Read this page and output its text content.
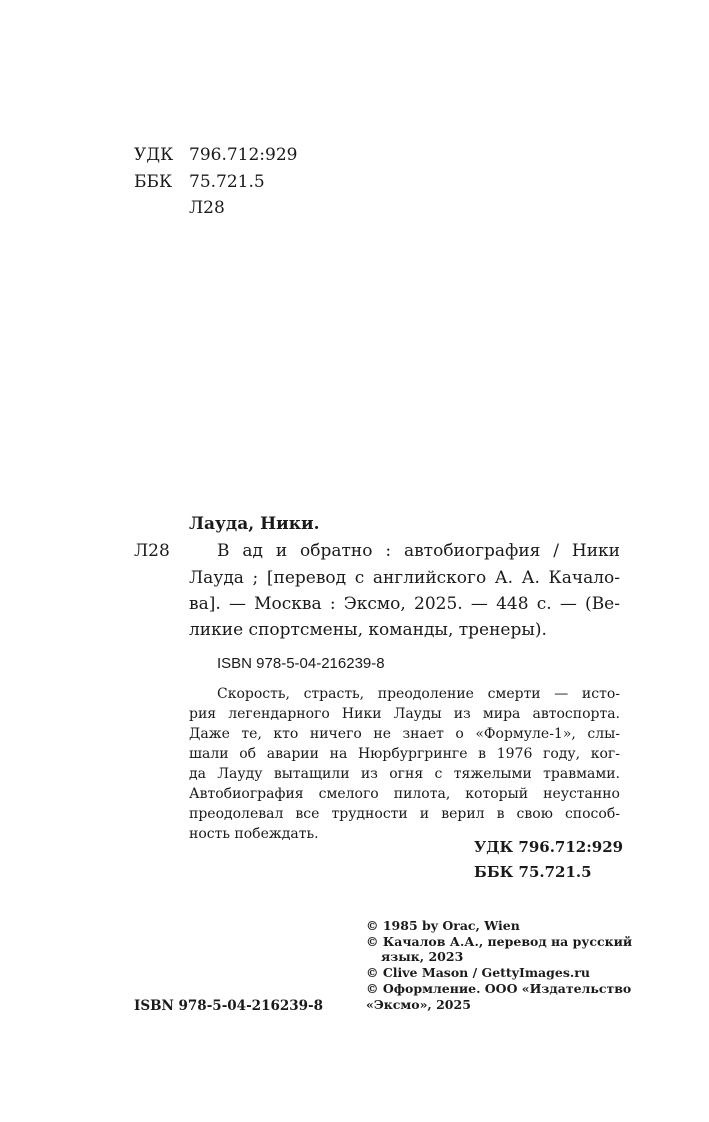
УДК 796.712:929
ББК 75.721.5
Л28
Лауда, Ники.
Л28	В ад и обратно : автобиография / Ники
Лауда ; [перевод с английского А. А. Качало-
ва]. — Москва : Эксмо, 2025. — 448 с. — (Ве-
ликие спортсмены, команды, тренеры).
ISBN 978-5-04-216239-8
Скорость, страсть, преодоление смерти — исто-
рия легендарного Ники Лауды из мира автоспорта.
Даже те, кто ничего не знает о «Формуле-1», слы-
шали об аварии на Нюрбургринге в 1976 году, ког-
да Лауду вытащили из огня с тяжелыми травмами.
Автобиография смелого пилота, который неустанно
преодолевал все трудности и верил в свою способ-
ность побеждать.
УДК 796.712:929
ББК 75.721.5
ISBN 978-5-04-216239-8
© 1985 by Orac, Wien
© Качалов А.А., перевод на русский
язык, 2023
© Clive Mason / GettyImages.ru
© Оформление. ООО «Издательство
«Эксмо», 2025
